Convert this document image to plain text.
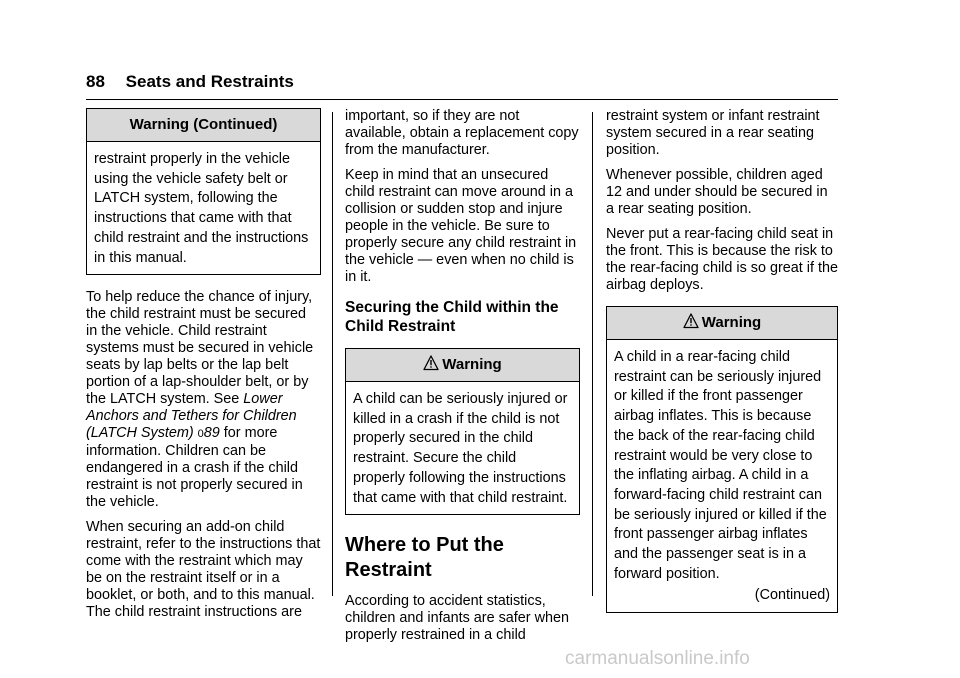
88 Seats and Restraints
Warning (Continued)
restraint properly in the vehicle using the vehicle safety belt or LATCH system, following the instructions that came with that child restraint and the instructions in this manual.

To help reduce the chance of injury, the child restraint must be secured in the vehicle. Child restraint systems must be secured in vehicle seats by lap belts or the lap belt portion of a lap-shoulder belt, or by the LATCH system. See Lower Anchors and Tethers for Children (LATCH System) 089 for more information. Children can be endangered in a crash if the child restraint is not properly secured in the vehicle.

When securing an add-on child restraint, refer to the instructions that come with the restraint which may be on the restraint itself or in a booklet, or both, and to this manual. The child restraint instructions are

important, so if they are not available, obtain a replacement copy from the manufacturer.

Keep in mind that an unsecured child restraint can move around in a collision or sudden stop and injure people in the vehicle. Be sure to properly secure any child restraint in the vehicle — even when no child is in it.

Securing the Child within the Child Restraint
Warning
A child can be seriously injured or killed in a crash if the child is not properly secured in the child restraint. Secure the child properly following the instructions that came with that child restraint.
Where to Put the Restraint

According to accident statistics, children and infants are safer when properly restrained in a child

restraint system or infant restraint system secured in a rear seating position.

Whenever possible, children aged 12 and under should be secured in a rear seating position.

Never put a rear-facing child seat in the front. This is because the risk to the rear-facing child is so great if the airbag deploys.

Warning
A child in a rear-facing child restraint can be seriously injured or killed if the front passenger airbag inflates. This is because the back of the rear-facing child restraint would be very close to the inflating airbag. A child in a forward-facing child restraint can be seriously injured or killed if the front passenger airbag inflates and the passenger seat is in a forward position.
(Continued)
carmanualsonline.info
